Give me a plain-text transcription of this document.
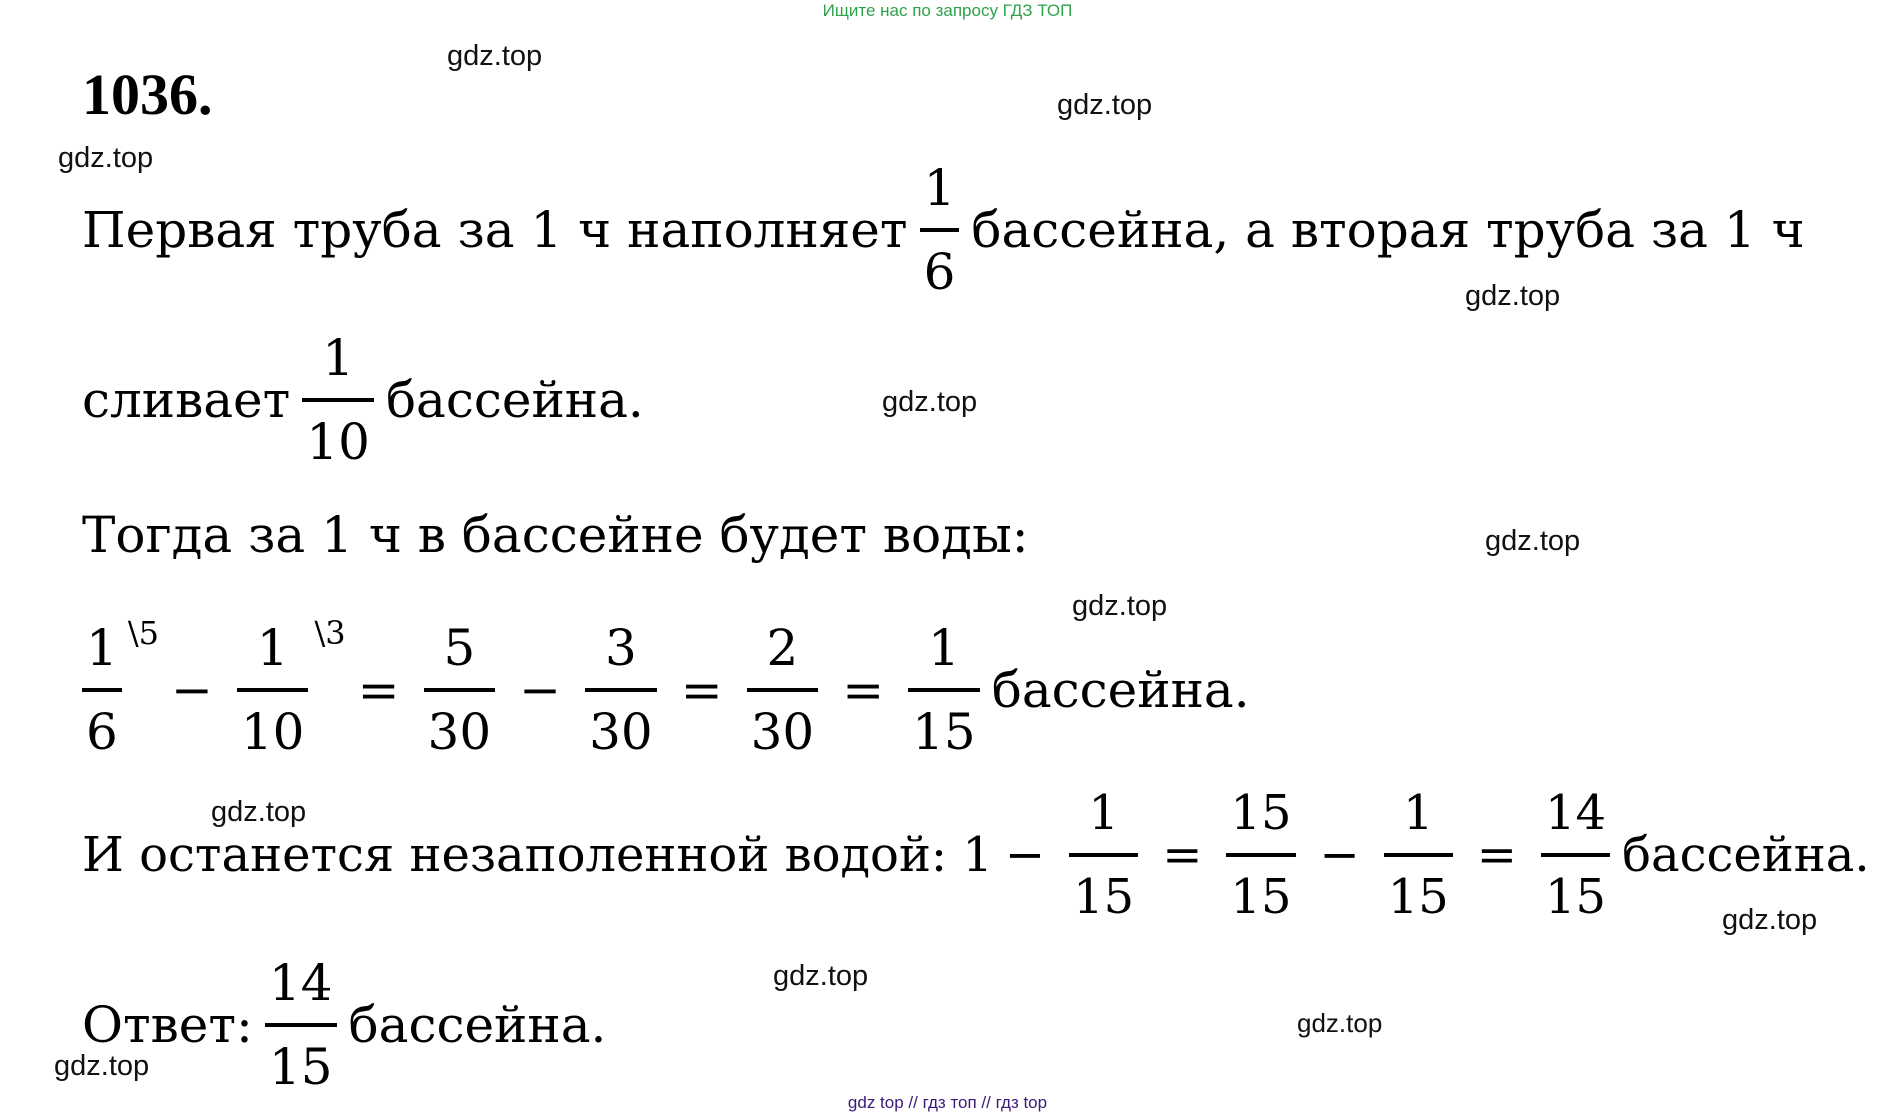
Ищите нас по запросу ГДЗ ТОП
1036.
Первая труба за 1 ч наполняет $\frac{1}{6}$ бассейна, а вторая труба за 1 ч
сливает $\frac{1}{10}$ бассейна.
Тогда за 1 ч в бассейне будет воды:
$\frac{1}{6}$ \5
− $\frac{1}{10}$ \3
= $\frac{5}{30} - \frac{3}{30} = \frac{2}{30} = \frac{1}{15}$ бассейна.
И останется незаполенной водой: $1 - \frac{1}{15} = \frac{15}{15} - \frac{1}{15} = \frac{14}{15}$ бассейна.
Ответ: $\frac{14}{15}$ бассейна.
gdz.top
gdz.top
gdz.top
gdz.top
gdz.top
gdz.top
gdz.top
gdz.top
gdz.top
gdz.top
gdz.top
gdz.top
gdz top // гдз топ // гдз top
